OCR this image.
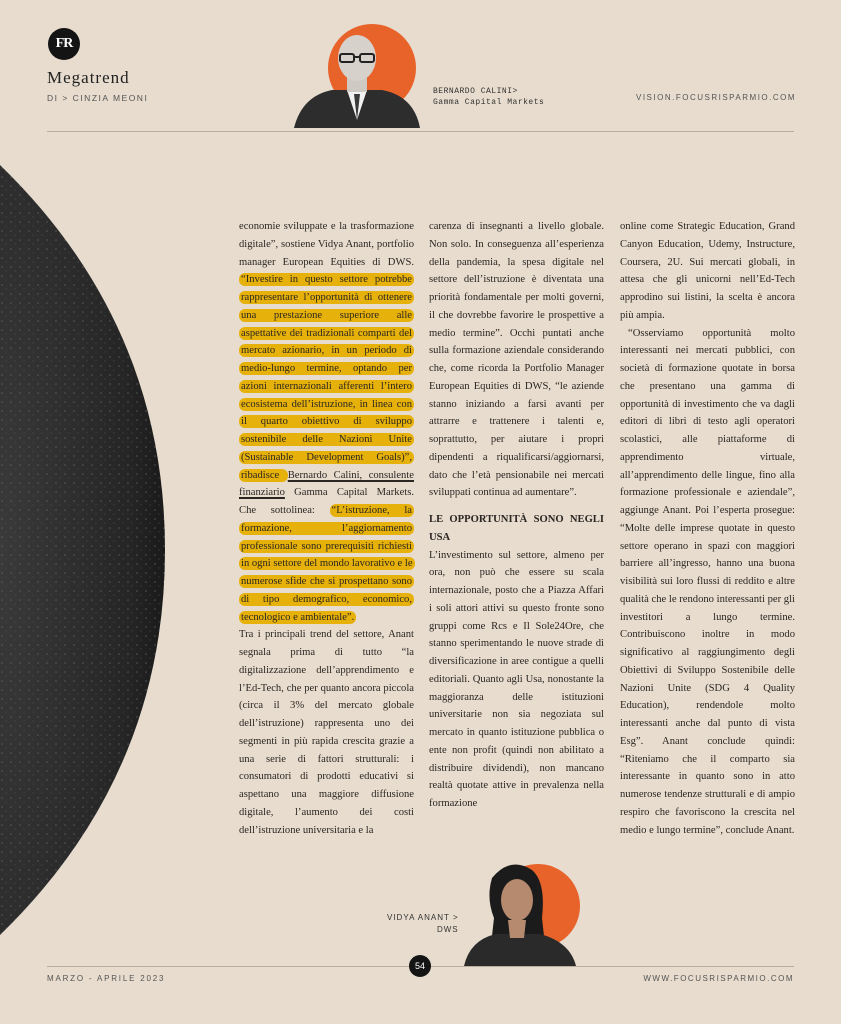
FR
Megatrend
DI > CINZIA MEONI
BERNARDO CALINI>
Gamma Capital Markets
VISION.FOCUSRISPARMIO.COM

economie sviluppate e la trasformazione digitale”, sostiene Vidya Anant, portfolio manager European Equities di DWS. “Investire in questo settore potrebbe rappresentare l’opportunità di ottenere una prestazione superiore alle aspettative dei tradizionali comparti del mercato azionario, in un periodo di medio-lungo termine, optando per azioni internazionali afferenti l’intero ecosistema dell’istruzione, in linea con il quarto obiettivo di sviluppo sostenibile delle Nazioni Unite (Sustainable Development Goals)”, ribadisce Bernardo Calini, consulente finanziario Gamma Capital Markets. Che sottolinea: “L’istruzione, la formazione, l’aggiornamento professionale sono prerequisiti richiesti in ogni settore del mondo lavorativo e le numerose sfide che si prospettano sono di tipo demografico, economico, tecnologico e ambientale”.

Tra i principali trend del settore, Anant segnala prima di tutto “la digitalizzazione dell’apprendimento e l’Ed-Tech, che per quanto ancora piccola (circa il 3% del mercato globale dell’istruzione) rappresenta uno dei segmenti in più rapida crescita grazie a una serie di fattori strutturali: i consumatori di prodotti educativi si aspettano una maggiore diffusione digitale, l’aumento dei costi dell’istruzione universitaria e la

carenza di insegnanti a livello globale. Non solo. In conseguenza all’esperienza della pandemia, la spesa digitale nel settore dell’istruzione è diventata una priorità fondamentale per molti governi, il che dovrebbe favorire le prospettive a medio termine”. Occhi puntati anche sulla formazione aziendale considerando che, come ricorda la Portfolio Manager European Equities di DWS, “le aziende stanno iniziando a farsi avanti per attrarre e trattenere i talenti e, soprattutto, per aiutare i propri dipendenti a riqualificarsi/aggiornarsi, dato che l’età pensionabile nei mercati sviluppati continua ad aumentare”.

LE OPPORTUNITÀ SONO NEGLI USA

L’investimento sul settore, almeno per ora, non può che essere su scala internazionale, posto che a Piazza Affari i soli attori attivi su questo fronte sono gruppi come Rcs e Il Sole24Ore, che stanno sperimentando le nuove strade di diversificazione in aree contigue a quelli editoriali. Quanto agli Usa, nonostante la maggioranza delle istituzioni universitarie non sia negoziata sul mercato in quanto istituzione pubblica o ente non profit (quindi non abilitato a distribuire dividendi), non mancano realtà quotate attive in prevalenza nella formazione

online come Strategic Education, Grand Canyon Education, Udemy, Instructure, Coursera, 2U. Sui mercati globali, in attesa che gli unicorni nell’Ed-Tech approdino sui listini, la scelta è ancora più ampia.

“Osserviamo opportunità molto interessanti nei mercati pubblici, con società di formazione quotate in borsa che presentano una gamma di opportunità di investimento che va dagli editori di libri di testo agli operatori scolastici, alle piattaforme di apprendimento virtuale, all’apprendimento delle lingue, fino alla formazione professionale e aziendale”, aggiunge Anant. Poi l’esperta prosegue: “Molte delle imprese quotate in questo settore operano in spazi con maggiori barriere all’ingresso, hanno una buona visibilità sui loro flussi di reddito e altre qualità che le rendono interessanti per gli investitori a lungo termine. Contribuiscono inoltre in modo significativo al raggiungimento degli Obiettivi di Sviluppo Sostenibile delle Nazioni Unite (SDG 4 Quality Education), rendendole molto interessanti anche dal punto di vista Esg”. Anant conclude quindi: “Riteniamo che il comparto sia interessante in quanto sono in atto numerose tendenze strutturali e di ampio respiro che favoriscono la crescita nel medio e lungo termine”, conclude Anant.

VIDYA ANANT >
DWS
54
MARZO - APRILE 2023	WWW.FOCUSRISPARMIO.COM
